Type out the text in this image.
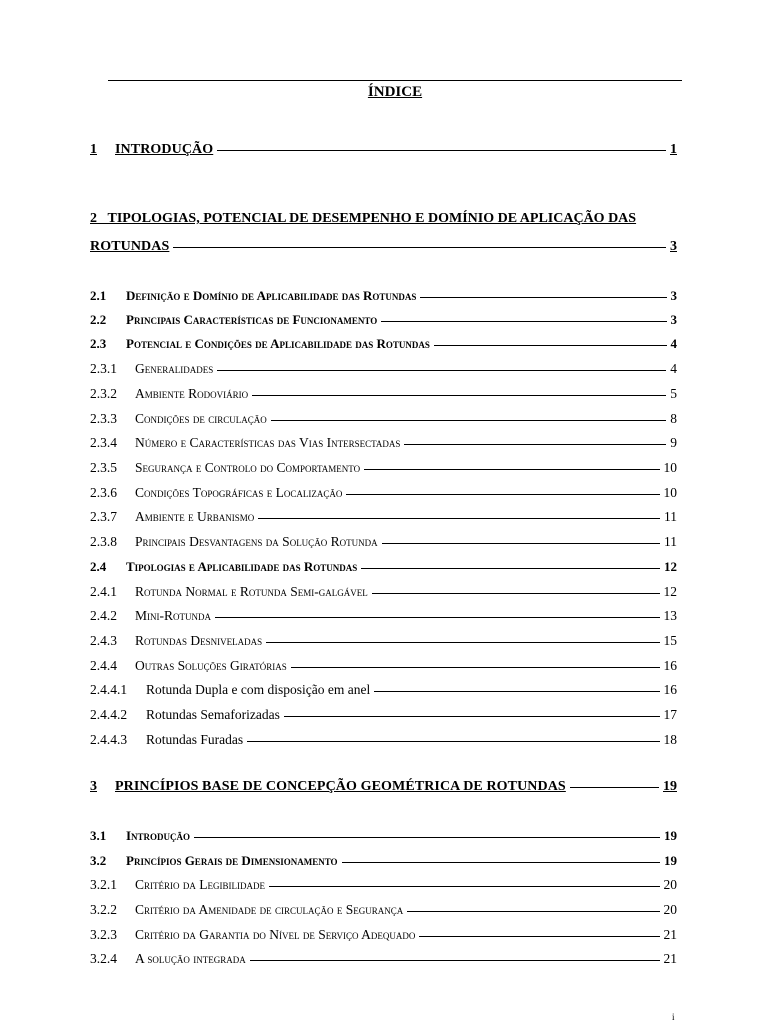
ÍNDICE
1	INTRODUÇÃO	1
2 TIPOLOGIAS, POTENCIAL DE DESEMPENHO E DOMÍNIO DE APLICAÇÃO DAS
ROTUNDAS	3
2.1	Definição e Domínio de Aplicabilidade das Rotundas	3
2.2	Principais Características de Funcionamento	3
2.3	Potencial e Condições de Aplicabilidade das Rotundas	4
2.3.1	Generalidades	4
2.3.2	Ambiente Rodoviário	5
2.3.3	Condições de circulação	8
2.3.4	Número e Características das Vias Intersectadas	9
2.3.5	Segurança e Controlo do Comportamento	10
2.3.6	Condições Topográficas e Localização	10
2.3.7	Ambiente e Urbanismo	11
2.3.8	Principais Desvantagens da Solução Rotunda	11
2.4	Tipologias e Aplicabilidade das Rotundas	12
2.4.1	Rotunda Normal e Rotunda Semi-galgável	12
2.4.2	Mini-Rotunda	13
2.4.3	Rotundas Desniveladas	15
2.4.4	Outras Soluções Giratórias	16
2.4.4.1	Rotunda Dupla e com disposição em anel	16
2.4.4.2	Rotundas Semaforizadas	17
2.4.4.3	Rotundas Furadas	18
3	PRINCÍPIOS BASE DE CONCEPÇÃO GEOMÉTRICA DE ROTUNDAS	19
3.1	Introdução	19
3.2	Princípios Gerais de Dimensionamento	19
3.2.1	Critério da Legibilidade	20
3.2.2	Critério da Amenidade de circulação e Segurança	20
3.2.3	Critério da Garantia do Nível de Serviço Adequado	21
3.2.4	A solução integrada	21
i
